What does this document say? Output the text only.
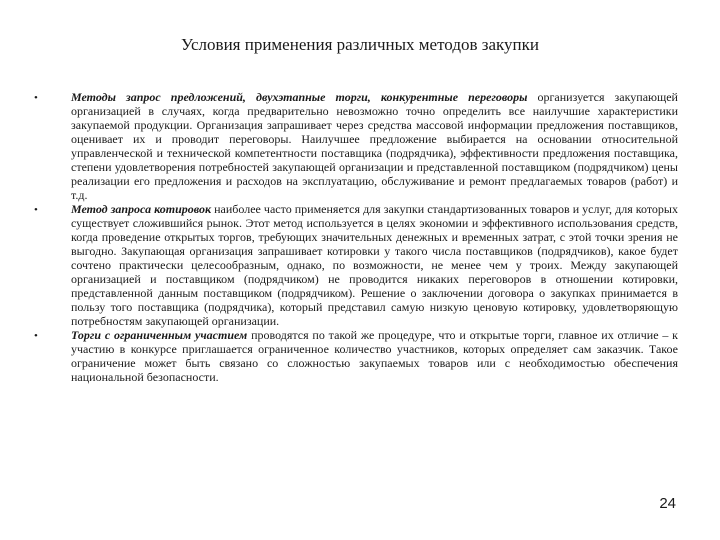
Условия применения различных методов закупки
•	Методы запрос предложений, двухэтапные торги, конкурентные переговоры организуется закупающей организацией в случаях, когда предварительно невозможно точно определить все наилучшие характеристики закупаемой продукции. Организация запрашивает через средства массовой информации предложения поставщиков, оценивает их и проводит переговоры. Наилучшее предложение выбирается на основании относительной управленческой и технической компетентности поставщика (подрядчика), эффективности предложения поставщика, степени удовлетворения потребностей закупающей организации и представленной поставщиком (подрядчиком) цены реализации его предложения и расходов на эксплуатацию, обслуживание и ремонт предлагаемых товаров (работ) и т.д.
•	Метод запроса котировок наиболее часто применяется для закупки стандартизованных товаров и услуг, для которых существует сложившийся рынок. Этот метод используется в целях экономии и эффективного использования средств, когда проведение открытых торгов, требующих значительных денежных и временных затрат, с этой точки зрения не выгодно. Закупающая организация запрашивает котировки у такого числа поставщиков (подрядчиков), какое будет сочтено практически целесообразным, однако, по возможности, не менее чем у троих. Между закупающей организацией и поставщиком (подрядчиком) не проводится никаких переговоров в отношении котировки, представленной данным поставщиком (подрядчиком). Решение о заключении договора о закупках принимается в пользу того поставщика (подрядчика), который представил самую низкую ценовую котировку, удовлетворяющую потребностям закупающей организации.
•	Торги с ограниченным участием проводятся по такой же процедуре, что и открытые торги, главное их отличие – к участию в конкурсе приглашается ограниченное количество участников, которых определяет сам заказчик. Такое ограничение может быть связано со сложностью закупаемых товаров или с необходимостью обеспечения национальной безопасности.
24
